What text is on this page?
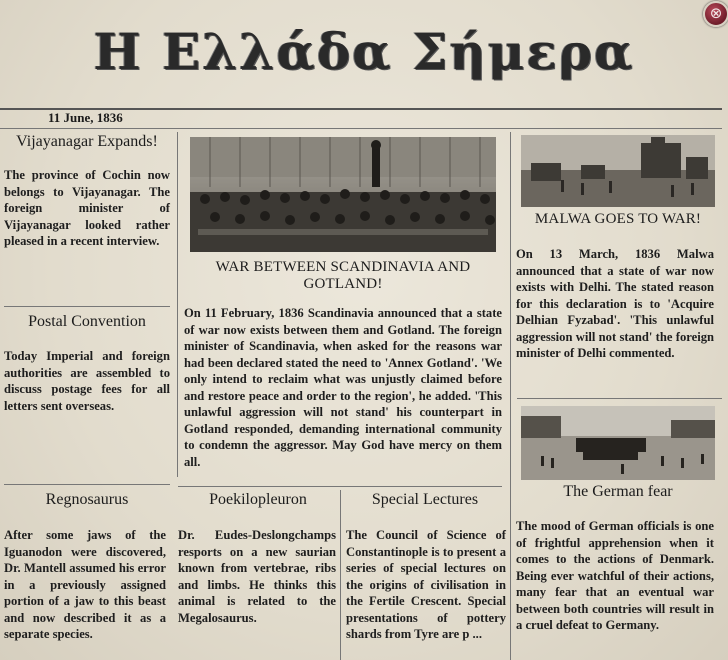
Η Ελλάδα Σήμερα
⊗
11 June, 1836
Vijayanagar Expands!
The province of Cochin now belongs to Vijayanagar. The foreign minister of Vijayanagar looked rather pleased in a recent interview.
Postal Convention
Today Imperial and foreign authorities are assembled to discuss postage fees for all letters sent overseas.
WAR BETWEEN SCANDINAVIA AND GOTLAND!
On 11 February, 1836 Scandinavia announced that a state of war now exists between them and Gotland. The foreign minister of Scandinavia, when asked for the reasons war had been declared stated the need to 'Annex Gotland'. 'We only intend to reclaim what was unjustly claimed before and restore peace and order to the region', he added. 'This unlawful aggression will not stand' his counterpart in Gotland responded, demanding international community to condemn the aggressor. May God have mercy on them all.
MALWA GOES TO WAR!
On 13 March, 1836 Malwa announced that a state of war now exists with Delhi. The stated reason for this declaration is to 'Acquire Delhian Fyzabad'. 'This unlawful aggression will not stand' the foreign minister of Delhi commented.
The German fear
The mood of German officials is one of frightful apprehension when it comes to the actions of Denmark. Being ever watchful of their actions, many fear that an eventual war between both countries will result in a cruel defeat to Germany.
Regnosaurus
After some jaws of the Iguanodon were discovered, Dr. Mantell assumed his error in a previously assigned portion of a jaw to this beast and now described it as a separate species.
Poekilopleuron
Dr. Eudes-Deslongchamps resports on a new saurian known from vertebrae, ribs and limbs. He thinks this animal is related to the Megalosaurus.
Special Lectures
The Council of Science of Constantinople is to present a series of special lectures on the origins of civilisation in the Fertile Crescent. Special presentations of pottery shards from Tyre are p ...
